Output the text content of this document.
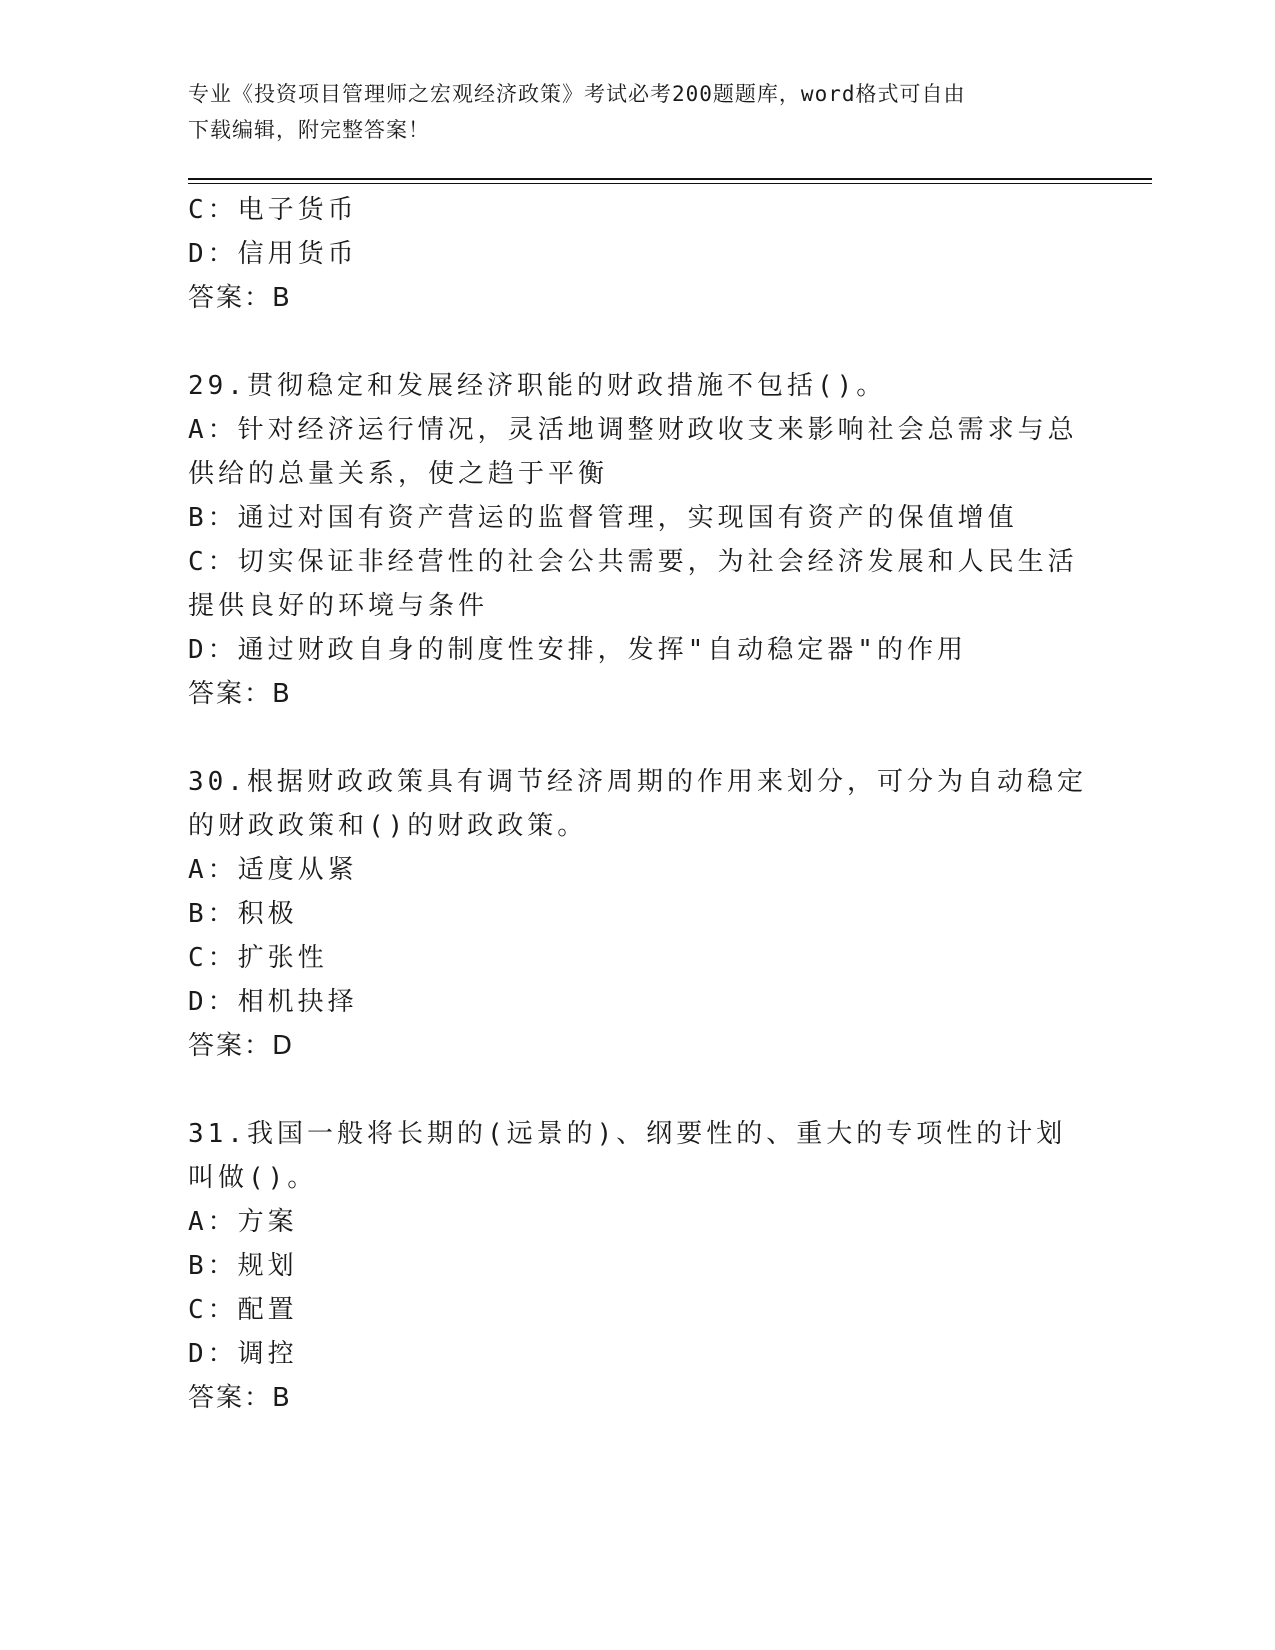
专业《投资项目管理师之宏观经济政策》考试必考200题题库，word格式可自由
下载编辑，附完整答案！

C：电子货币

D：信用货币

答案：B

29.贯彻稳定和发展经济职能的财政措施不包括()。

A：针对经济运行情况，灵活地调整财政收支来影响社会总需求与总供给的总量关系，使之趋于平衡

B：通过对国有资产营运的监督管理，实现国有资产的保值增值

C：切实保证非经营性的社会公共需要，为社会经济发展和人民生活提供良好的环境与条件

D：通过财政自身的制度性安排，发挥"自动稳定器"的作用

答案：B

30.根据财政政策具有调节经济周期的作用来划分，可分为自动稳定的财政政策和()的财政政策。

A：适度从紧

B：积极

C：扩张性

D：相机抉择

答案：D

31.我国一般将长期的(远景的)、纲要性的、重大的专项性的计划叫做()。

A：方案

B：规划

C：配置

D：调控

答案：B
